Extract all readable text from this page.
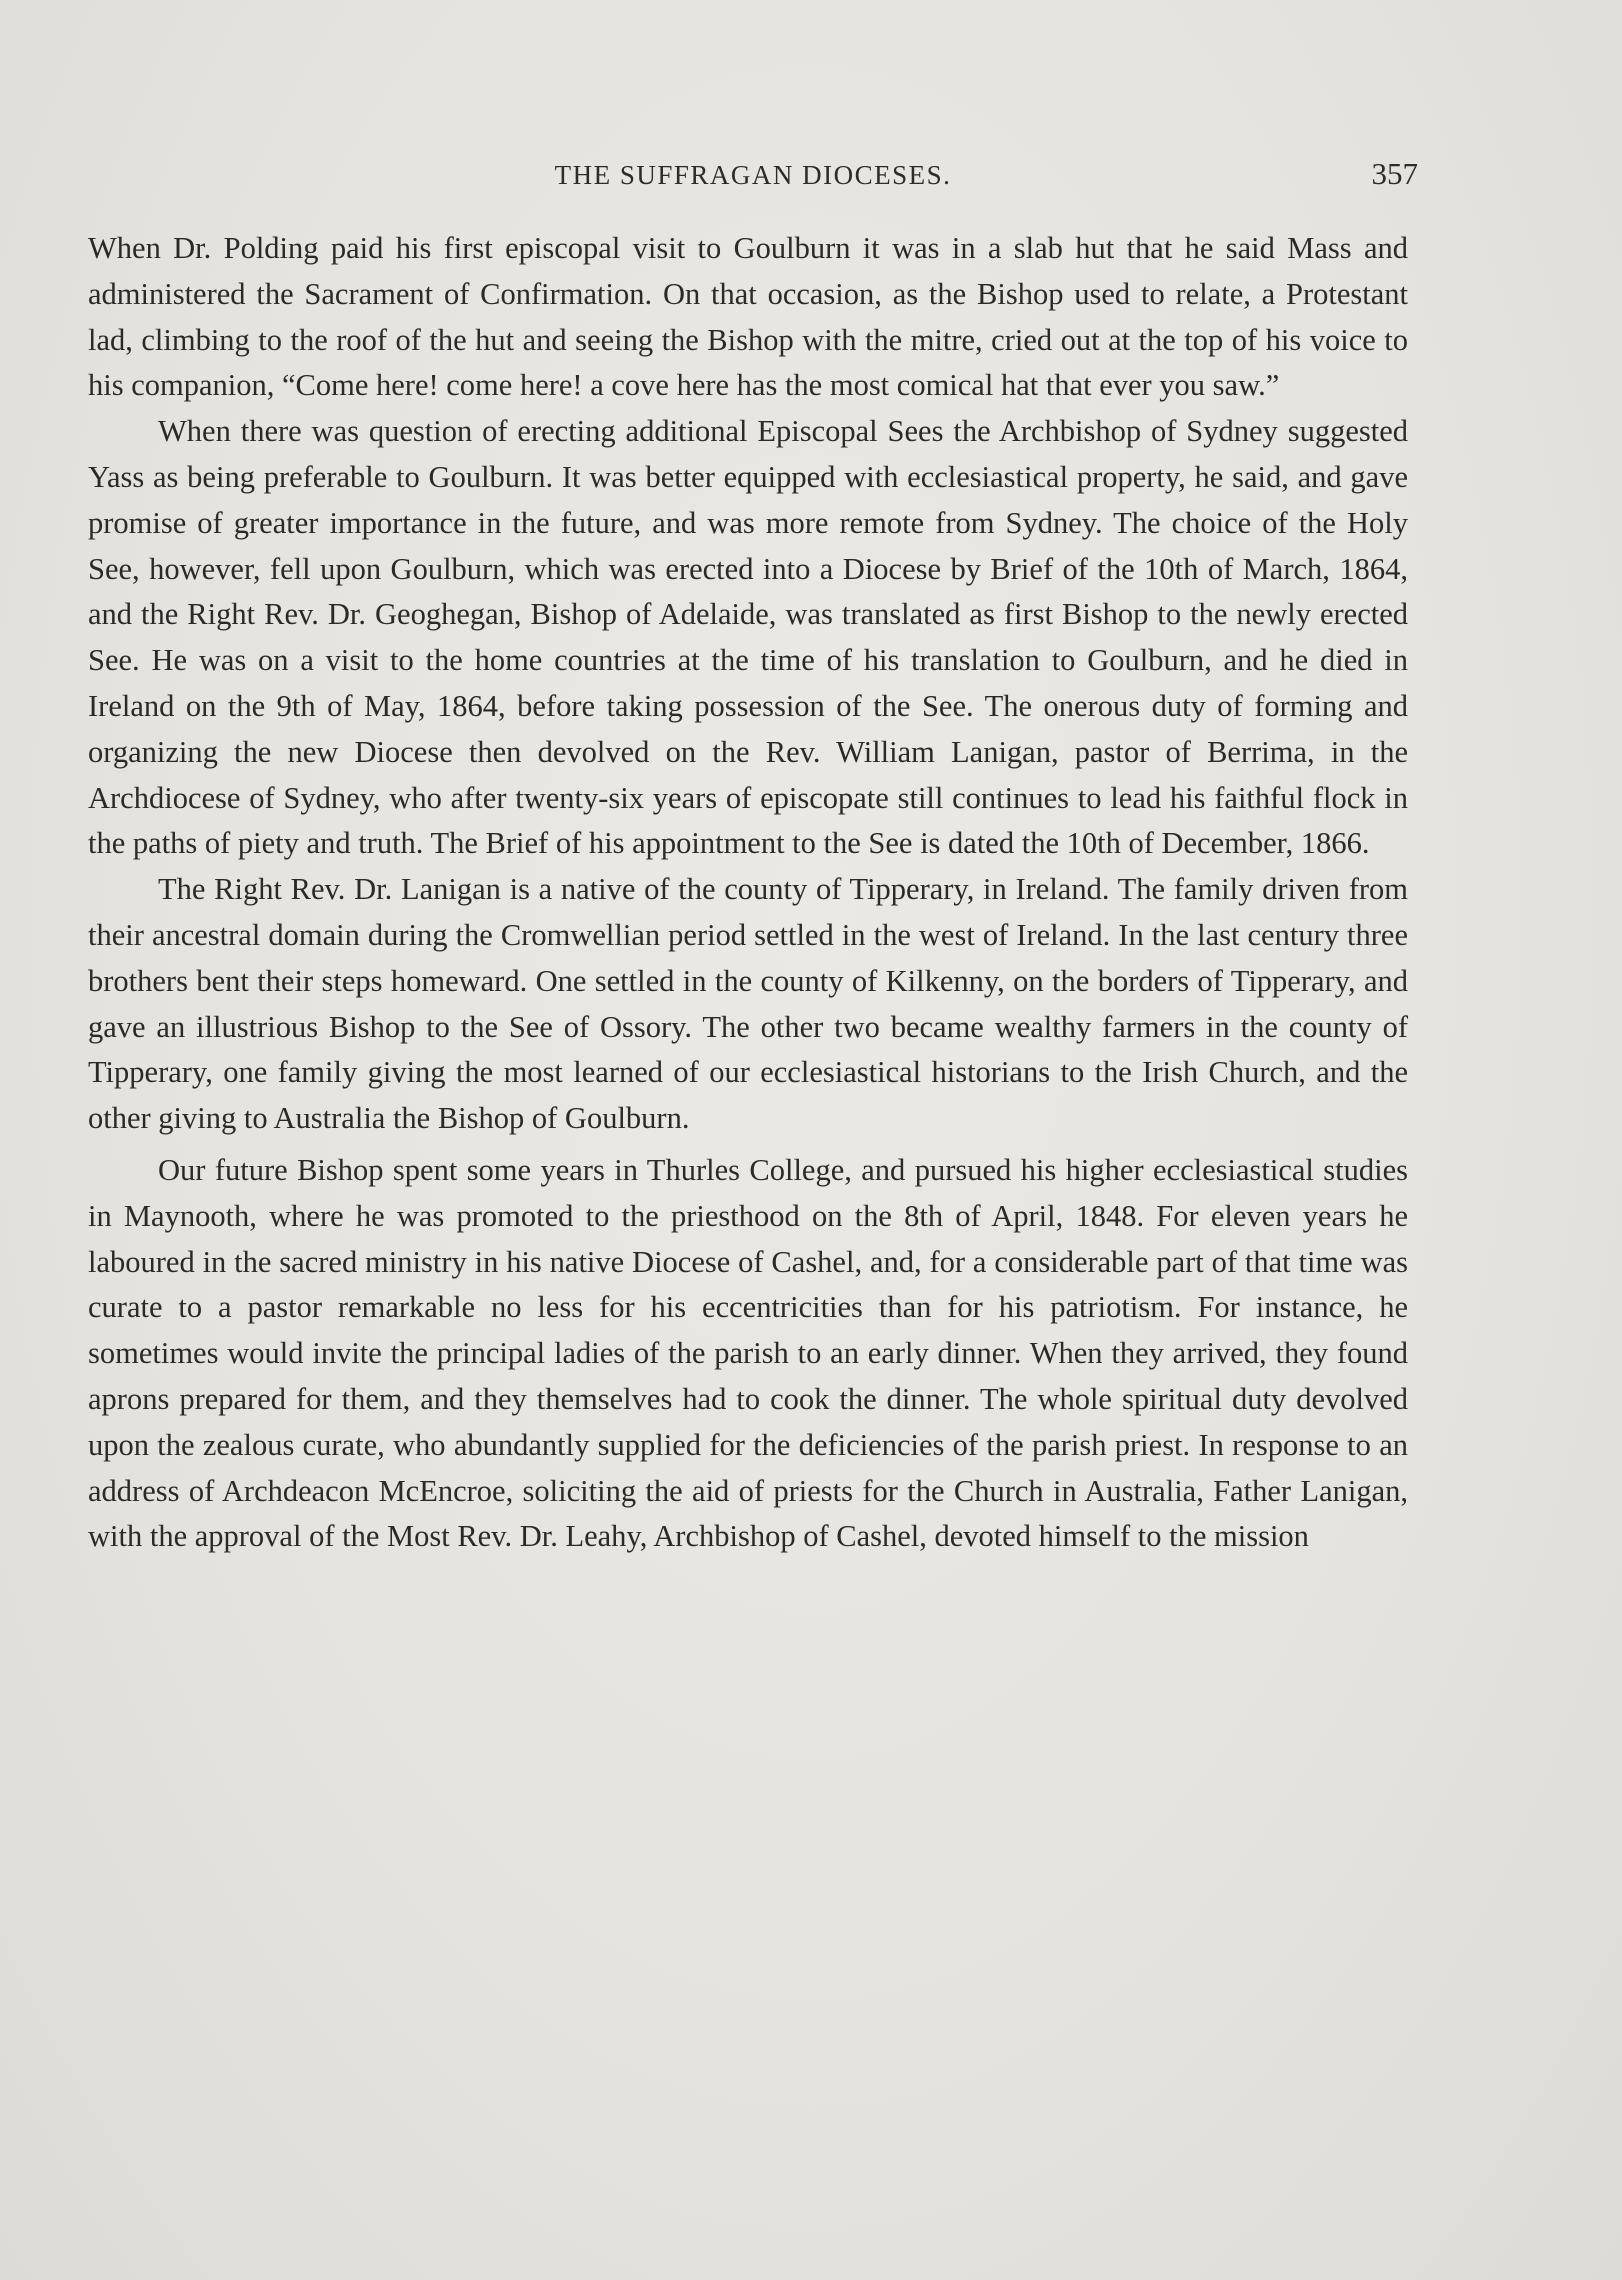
THE SUFFRAGAN DIOCESES.	357

When Dr. Polding paid his first episcopal visit to Goulburn it was in a slab hut that he said Mass and administered the Sacrament of Confirmation. On that occasion, as the Bishop used to relate, a Protestant lad, climbing to the roof of the hut and seeing the Bishop with the mitre, cried out at the top of his voice to his companion, “Come here! come here! a cove here has the most comical hat that ever you saw.”

When there was question of erecting additional Episcopal Sees the Archbishop of Sydney suggested Yass as being preferable to Goulburn. It was better equipped with ecclesiastical property, he said, and gave promise of greater importance in the future, and was more remote from Sydney. The choice of the Holy See, however, fell upon Goulburn, which was erected into a Diocese by Brief of the 10th of March, 1864, and the Right Rev. Dr. Geoghegan, Bishop of Adelaide, was translated as first Bishop to the newly erected See. He was on a visit to the home countries at the time of his translation to Goulburn, and he died in Ireland on the 9th of May, 1864, before taking possession of the See. The onerous duty of forming and organizing the new Diocese then devolved on the Rev. William Lanigan, pastor of Berrima, in the Archdiocese of Sydney, who after twenty-six years of episcopate still continues to lead his faithful flock in the paths of piety and truth. The Brief of his appointment to the See is dated the 10th of December, 1866.

The Right Rev. Dr. Lanigan is a native of the county of Tipperary, in Ireland. The family driven from their ancestral domain during the Cromwellian period settled in the west of Ireland. In the last century three brothers bent their steps homeward. One settled in the county of Kilkenny, on the borders of Tipperary, and gave an illustrious Bishop to the See of Ossory. The other two became wealthy farmers in the county of Tipperary, one family giving the most learned of our ecclesiastical historians to the Irish Church, and the other giving to Australia the Bishop of Goulburn.

Our future Bishop spent some years in Thurles College, and pursued his higher ecclesiastical studies in Maynooth, where he was promoted to the priesthood on the 8th of April, 1848. For eleven years he laboured in the sacred ministry in his native Diocese of Cashel, and, for a considerable part of that time was curate to a pastor remarkable no less for his eccentricities than for his patriotism. For instance, he sometimes would invite the principal ladies of the parish to an early dinner. When they arrived, they found aprons prepared for them, and they themselves had to cook the dinner. The whole spiritual duty devolved upon the zealous curate, who abundantly supplied for the deficiencies of the parish priest. In response to an address of Archdeacon McEncroe, soliciting the aid of priests for the Church in Australia, Father Lanigan, with the approval of the Most Rev. Dr. Leahy, Archbishop of Cashel, devoted himself to the mission
